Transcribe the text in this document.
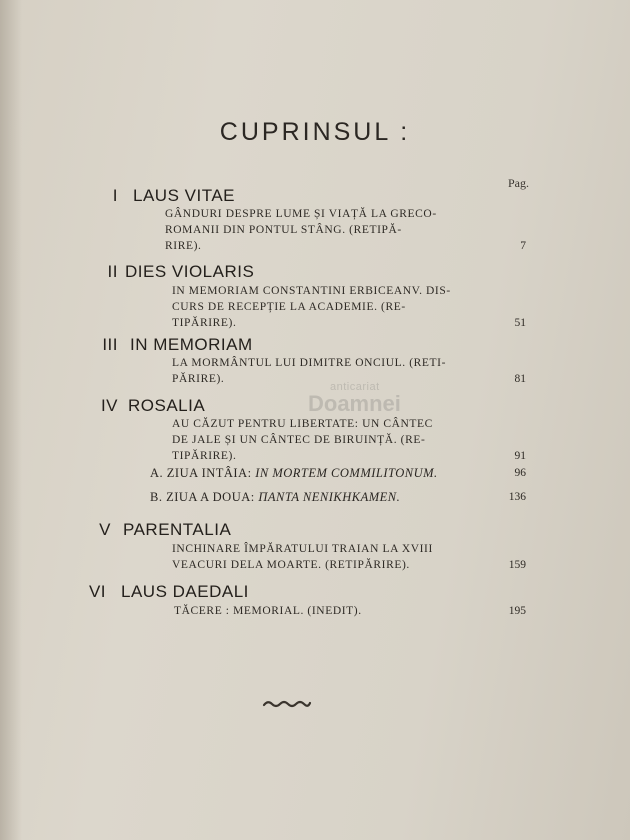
CUPRINSUL :
Pag.
I LAUS VITAE
GÂNDURI DESPRE LUME ȘI VIAȚĂ LA GRECO-
ROMANII DIN PONTUL STÂNG. (RETIPĂ-
RIRE).	7
II DIES VIOLARIS
IN MEMORIAM CONSTANTINI ERBICEANV. DIS-
CURS DE RECEPȚIE LA ACADEMIE. (RE-
TIPĂRIRE).	51
III IN MEMORIAM
LA MORMÂNTUL LUI DIMITRE ONCIUL. (RETI-
PĂRIRE).	81
IV ROSALIA
AU CĂZUT PENTRU LIBERTATE: UN CÂNTEC
DE JALE ȘI UN CÂNTEC DE BIRUINȚĂ. (RE-
TIPĂRIRE).	91
A. ZIUA INTÂIA: IN MORTEM COMMILITONUM.	96
B. ZIUA A DOUA: ΠANTA NENIKHKAMEN.	136
V PARENTALIA
INCHINARE ÎMPĂRATULUI TRAIAN LA XVIII
VEACURI DELA MOARTE. (RETIPĂRIRE).	159
VI LAUS DAEDALI
TĂCERE : MEMORIAL. (INEDIT).	195
anticariat
Doamnei
